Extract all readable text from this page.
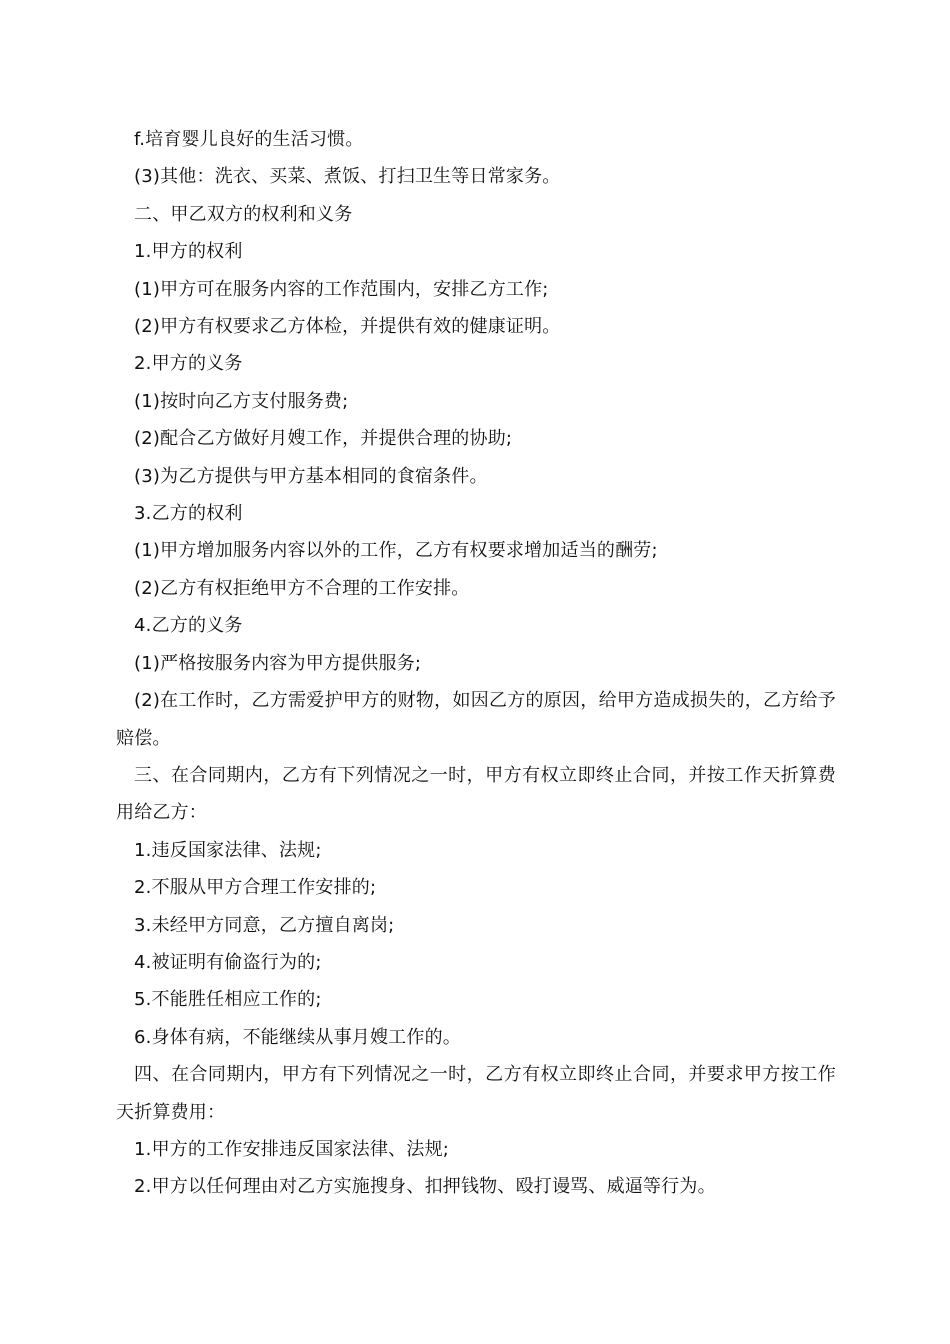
f.培育婴儿良好的生活习惯。

(3)其他：洗衣、买菜、煮饭、打扫卫生等日常家务。

二、甲乙双方的权利和义务

1.甲方的权利

(1)甲方可在服务内容的工作范围内，安排乙方工作;

(2)甲方有权要求乙方体检，并提供有效的健康证明。

2.甲方的义务

(1)按时向乙方支付服务费;

(2)配合乙方做好月嫂工作，并提供合理的协助;

(3)为乙方提供与甲方基本相同的食宿条件。

3.乙方的权利

(1)甲方增加服务内容以外的工作，乙方有权要求增加适当的酬劳;

(2)乙方有权拒绝甲方不合理的工作安排。

4.乙方的义务

(1)严格按服务内容为甲方提供服务;

(2)在工作时，乙方需爱护甲方的财物，如因乙方的原因，给甲方造成损失的，乙方给予赔偿。

三、在合同期内，乙方有下列情况之一时，甲方有权立即终止合同，并按工作天折算费用给乙方：

1.违反国家法律、法规;

2.不服从甲方合理工作安排的;

3.未经甲方同意，乙方擅自离岗;

4.被证明有偷盗行为的;

5.不能胜任相应工作的;

6.身体有病，不能继续从事月嫂工作的。

四、在合同期内，甲方有下列情况之一时，乙方有权立即终止合同，并要求甲方按工作天折算费用：

1.甲方的工作安排违反国家法律、法规;

2.甲方以任何理由对乙方实施搜身、扣押钱物、殴打谩骂、威逼等行为。
